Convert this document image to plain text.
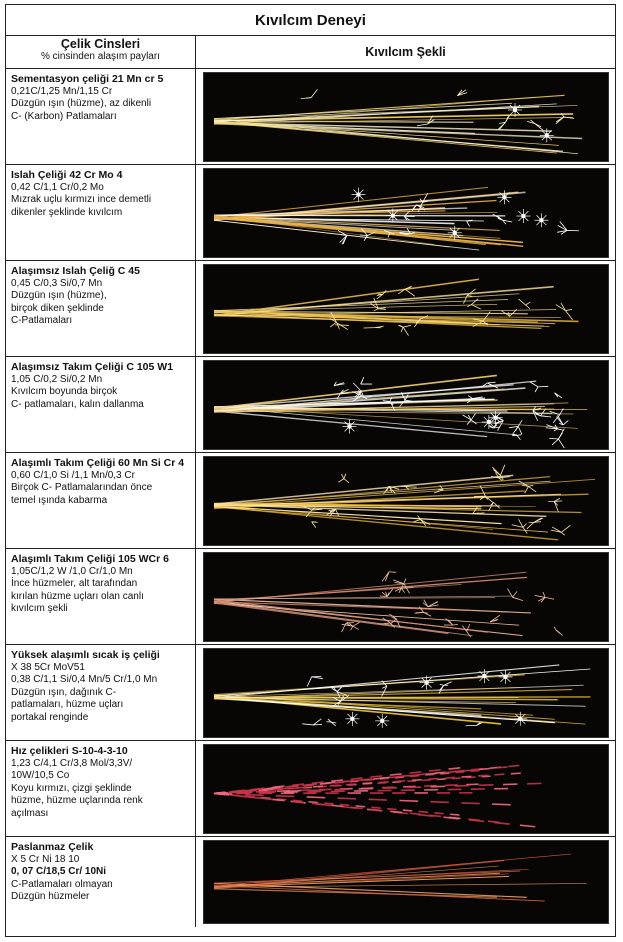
Kıvılcım Deneyi
Çelik Cinsleri
% cinsinden alaşım payları	Kıvılcım Şekli
Sementasyon çeliği 21 Mn cr 5
0,21C/1,25 Mn/1,15 Cr
Düzgün ışın (hüzme), az dikenli
C- (Karbon) Patlamaları
Islah Çeliği 42 Cr Mo 4
0,42 C/1,1 Cr/0,2 Mo
Mızrak uçlu kırmızı ince demetli
dikenler şeklinde kıvılcım
Alaşımsız Islah Çeliğ C 45
0,45 C/0,3 Si/0,7 Mn
Düzgün ışın (hüzme),
birçok diken şeklinde
C-Patlamaları
Alaşımsız Takım Çeliği C 105 W1
1,05 C/0,2 Si/0,2 Mn
Kıvılcım boyunda birçok
C- patlamaları, kalın dallanma
Alaşımlı Takım Çeliği 60 Mn Si Cr 4
0,60 C/1,0 Si /1,1 Mn/0,3 Cr
Birçok C- Patlamalarından önce
temel ışında kabarma
Alaşımlı Takım Çeliği 105 WCr 6
1,05C/1,2 W /1,0 Cr/1,0 Mn
İnce hüzmeler, alt tarafından
kırılan hüzme uçları olan canlı
kıvılcım şekli
Yüksek alaşımlı sıcak iş çeliği
X 38 5Cr MoV51
0,38 C/1,1 Si/0,4 Mn/5 Cr/1,0 Mn
Düzgün ışın, dağınık C-
patlamaları, hüzme uçları
portakal renginde
Hız çelikleri S-10-4-3-10
1,23 C/4,1 Cr/3,8 Mol/3,3V/
10W/10,5 Co
Koyu kırmızı, çizgi şeklinde
hüzme, hüzme uçlarında renk
açılması
Paslanmaz Çelik
X 5 Cr Ni 18 10
0, 07 C/18,5 Cr/ 10Ni
C-Patlamaları olmayan
Düzgün hüzmeler
